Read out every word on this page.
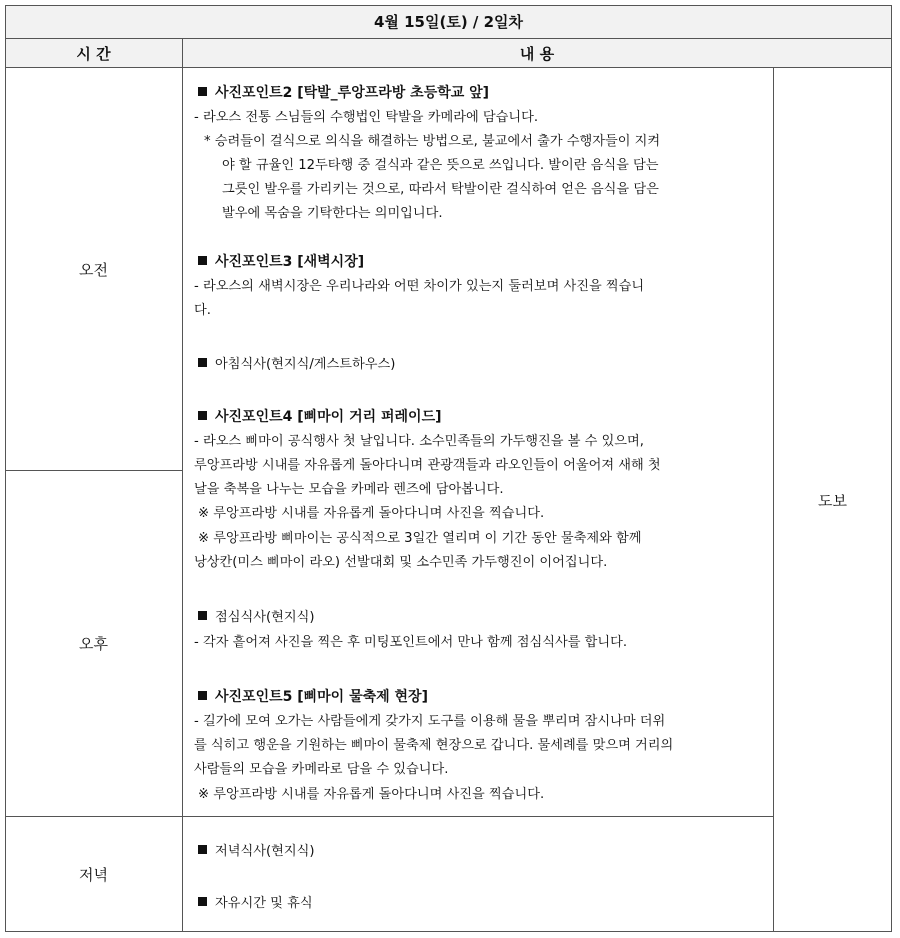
4월 15일(토) / 2일차
시 간	내 용
오전
오후
저녁
도보
사진포인트2 [탁발_루앙프라방 초등학교 앞]
- 라오스 전통 스님들의 수행법인 탁발을 카메라에 담습니다.
* 승려들이 걸식으로 의식을 해결하는 방법으로, 불교에서 출가 수행자들이 지켜
야 할 규율인 12두타행 중 걸식과 같은 뜻으로 쓰입니다. 발이란 음식을 담는
그릇인 발우를 가리키는 것으로, 따라서 탁발이란 걸식하여 얻은 음식을 담은
발우에 목숨을 기탁한다는 의미입니다.
사진포인트3 [새벽시장]
- 라오스의 새벽시장은 우리나라와 어떤 차이가 있는지 둘러보며 사진을 찍습니
다.
아침식사(현지식/게스트하우스)
사진포인트4 [삐마이 거리 퍼레이드]
- 라오스 삐마이 공식행사 첫 날입니다. 소수민족들의 가두행진을 볼 수 있으며,
루앙프라방 시내를 자유롭게 돌아다니며 관광객들과 라오인들이 어울어져 새해 첫
날을 축복을 나누는 모습을 카메라 렌즈에 담아봅니다.
※ 루앙프라방 시내를 자유롭게 돌아다니며 사진을 찍습니다.
※ 루앙프라방 삐마이는 공식적으로 3일간 열리며 이 기간 동안 물축제와 함께
낭상칸(미스 삐마이 라오) 선발대회 및 소수민족 가두행진이 이어집니다.
점심식사(현지식)
- 각자 흩어져 사진을 찍은 후 미팅포인트에서 만나 함께 점심식사를 합니다.
사진포인트5 [삐마이 물축제 현장]
- 길가에 모여 오가는 사람들에게 갖가지 도구를 이용해 물을 뿌리며 잠시나마 더위
를 식히고 행운을 기원하는 삐마이 물축제 현장으로 갑니다. 물세례를 맞으며 거리의
사람들의 모습을 카메라로 담을 수 있습니다.
※ 루앙프라방 시내를 자유롭게 돌아다니며 사진을 찍습니다.
저녁식사(현지식)
자유시간 및 휴식
